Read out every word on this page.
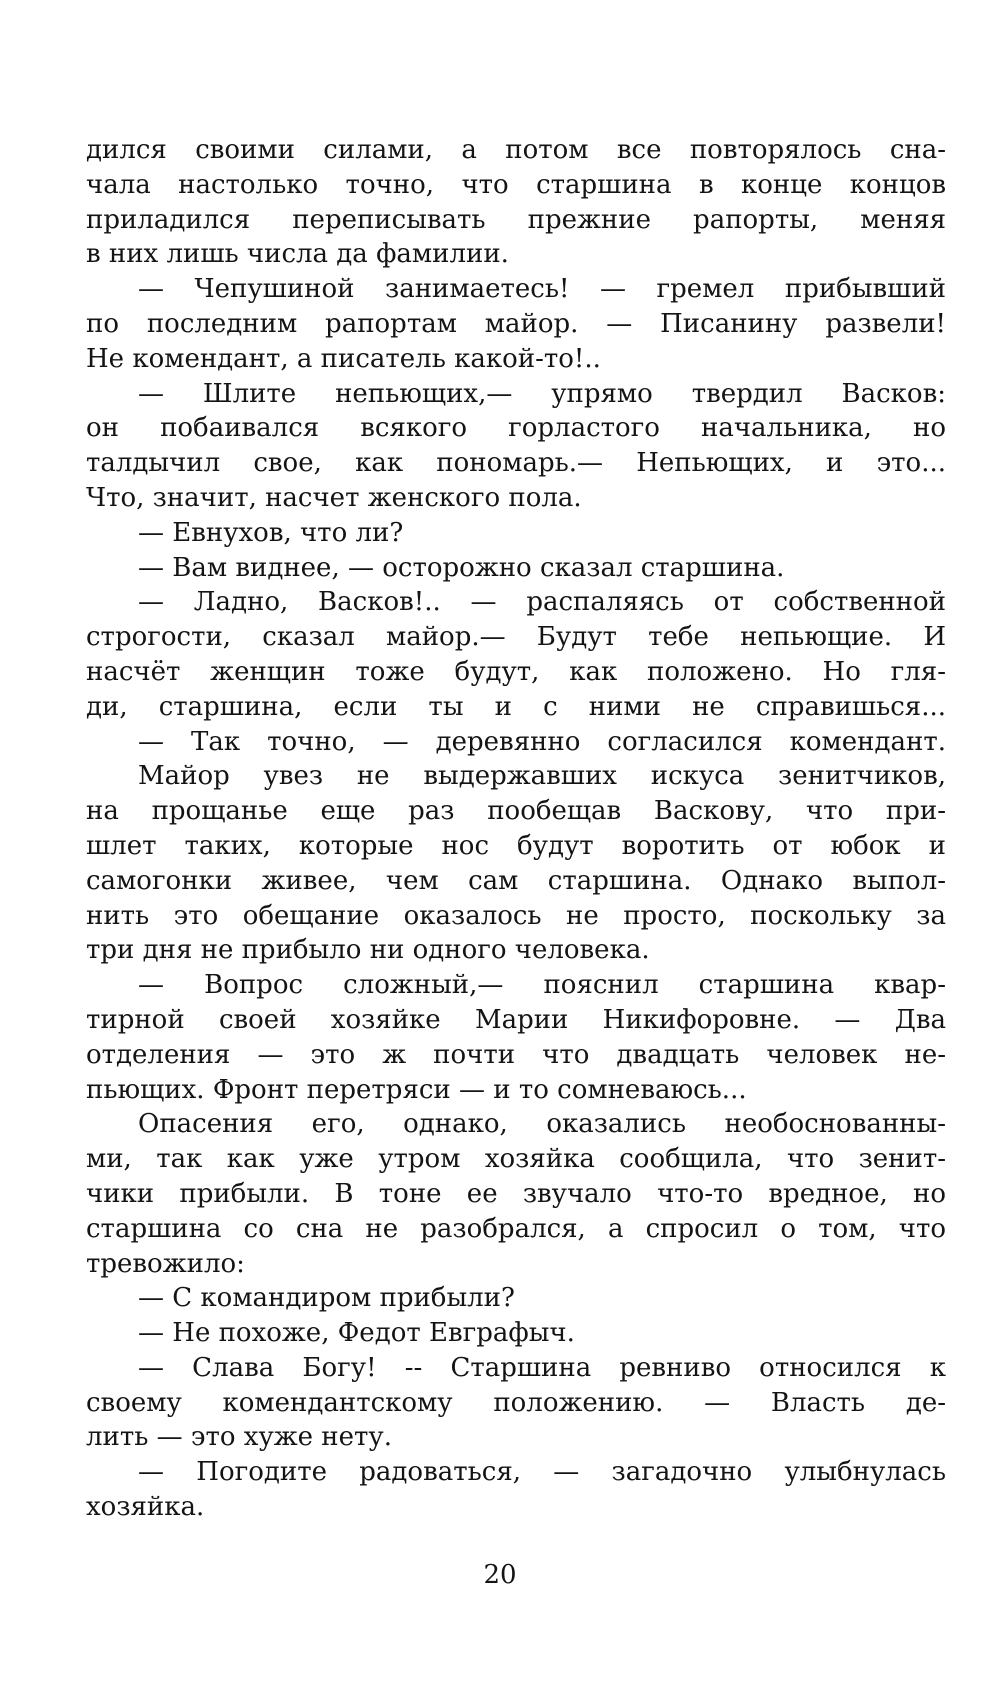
дился своими силами, а потом все повторялось сна-
чала настолько точно, что старшина в конце концов
приладился переписывать прежние рапорты, меняя
в них лишь числа да фамилии.
— Чепушиной занимаетесь! — гремел прибывший
по последним рапортам майор. — Писанину развели!
Не комендант, а писатель какой-то!..
— Шлите непьющих,— упрямо твердил Васков:
он побаивался всякого горластого начальника, но
талдычил свое, как пономарь.— Непьющих, и это...
Что, значит, насчет женского пола.
— Евнухов, что ли?
— Вам виднее, — осторожно сказал старшина.
— Ладно, Васков!.. — распаляясь от собственной
строгости, сказал майор.— Будут тебе непьющие. И
насчёт женщин тоже будут, как положено. Но гля-
ди, старшина, если ты и с ними не справишься...
— Так точно, — деревянно согласился комендант.
Майор увез не выдержавших искуса зенитчиков,
на прощанье еще раз пообещав Васкову, что при-
шлет таких, которые нос будут воротить от юбок и
самогонки живее, чем сам старшина. Однако выпол-
нить это обещание оказалось не просто, поскольку за
три дня не прибыло ни одного человека.
— Вопрос сложный,— пояснил старшина квар-
тирной своей хозяйке Марии Никифоровне. — Два
отделения — это ж почти что двадцать человек не-
пьющих. Фронт перетряси — и то сомневаюсь...
Опасения его, однако, оказались необоснованны-
ми, так как уже утром хозяйка сообщила, что зенит-
чики прибыли. В тоне ее звучало что-то вредное, но
старшина со сна не разобрался, а спросил о том, что
тревожило:
— С командиром прибыли?
— Не похоже, Федот Евграфыч.
— Слава Богу! -- Старшина ревниво относился к
своему комендантскому положению. — Власть де-
лить — это хуже нету.
— Погодите радоваться, — загадочно улыбнулась
хозяйка.
20
